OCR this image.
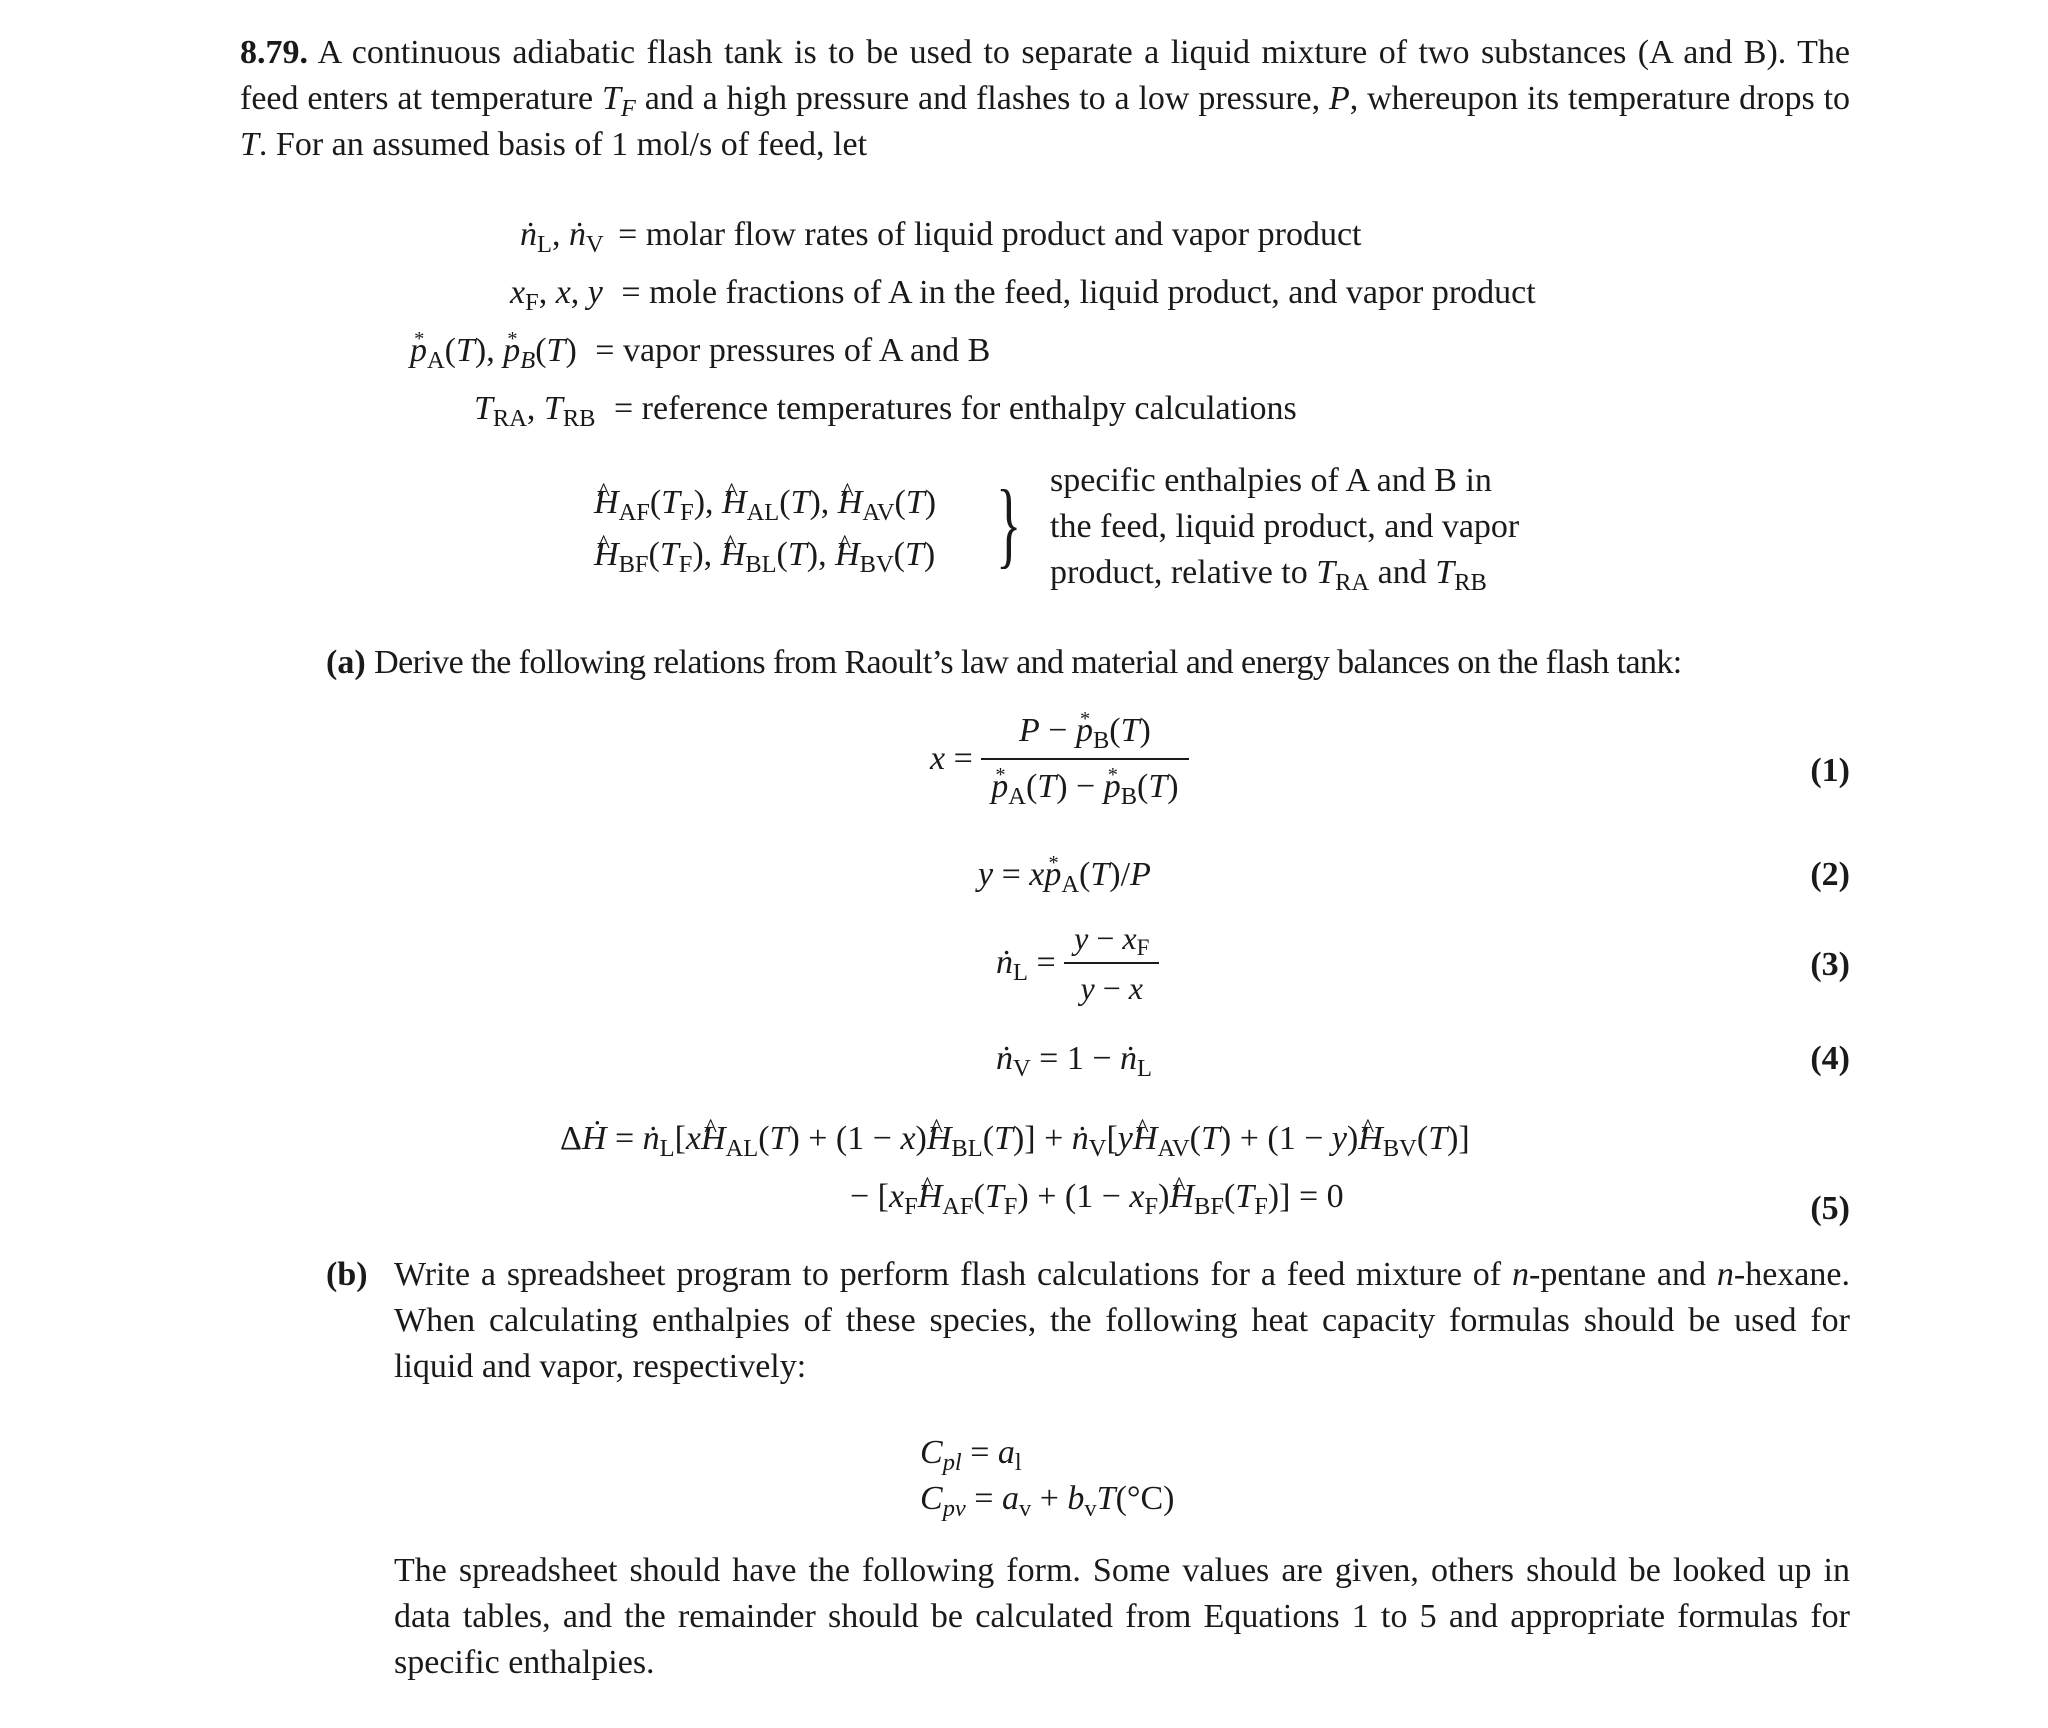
8.79. A continuous adiabatic flash tank is to be used to separate a liquid mixture of two substances (A and B). The feed enters at temperature $T_F$ and a high pressure and flashes to a low pressure, P, whereupon its temperature drops to T. For an assumed basis of 1 mol/s of feed, let
ṅ$_L$, ṅ$_V$ = molar flow rates of liquid product and vapor product
$x_F$, x, y = mole fractions of A in the feed, liquid product, and vapor product
p $*_A(T)$, p $*_B(T)$ = vapor pressures of A and B
$T_{RA}$, $T_{RB}$ = reference temperatures for enthalpy calculations
^ $H_{AF}(T_F)$, ^ $H_{AL}(T)$, ^ $H_{AV}(T)$
^ $H_{BF}(T_F)$, ^ $H_{BL}(T)$, ^ $H_{BV}(T)$ } specific enthalpies of A and B in
the feed, liquid product, and vapor
product, relative to $T_{RA}$ and $T_{RB}$
(a) Derive the following relations from Raoult’s law and material and energy balances on the flash tank:
$x = \frac{P - p *_B(T)}{p *_A(T) - p *_B(T)}$	(1)
y = xp $*_A(T)/P$	(2)
ṅ$_L$ = $\frac{y - x_F}{y - x}$	(3)
ṅ$_V$ = 1 − ṅ$_L$	(4)
ΔḢ = ṅ$_L$[x^ $H_{AL}(T) + (1$ − x)^ $H_{BL}(T)$] + ṅ$_V$[y^ $H_{AV}(T) + (1$ − y)^ $H_{BV}(T)$]
− [$x_F\^{}$ $H_{AF}(T_F) + (1$ − $x_F)\^{}$ $H_{BF}(T_F)] = 0$	(5)
(b) Write a spreadsheet program to perform flash calculations for a feed mixture of n-pentane and n-hexane. When calculating enthalpies of these species, the following heat capacity formulas should be used for liquid and vapor, respectively:
$C_{pl} = a_l$
$C_{pv} = a_v + b_vT(^\circ C)$
The spreadsheet should have the following form. Some values are given, others should be looked up in data tables, and the remainder should be calculated from Equations 1 to 5 and appropriate formulas for specific enthalpies.
